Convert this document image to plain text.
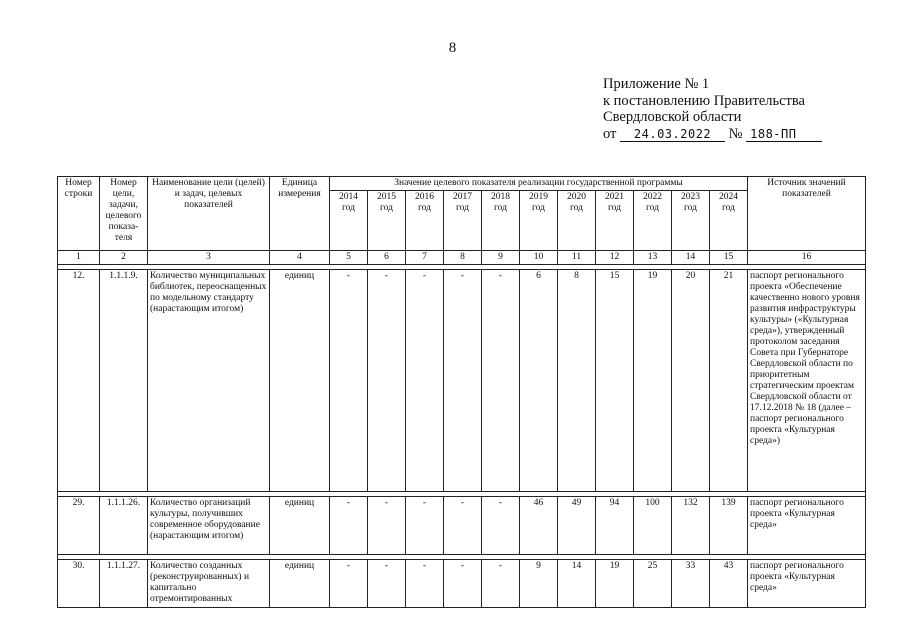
8
Приложение № 1
к постановлению Правительства
Свердловской области
от 24.03.2022 № 188-ПП
Номер строки	Номер цели, задачи, целевого показа-теля	Наименование цели (целей) и задач, целевых показателей	Единица измерения	Значение целевого показателя реализации государственной программы											Источник значений показателей
				2014 год	2015 год	2016 год	2017 год	2018 год	2019 год	2020 год	2021 год	2022 год	2023 год	2024 год	
1	2	3	4	5	6	7	8	9	10	11	12	13	14	15	16

12.	1.1.1.9.	Количество муниципальных библиотек, переоснащенных по модельному стандарту (нарастающим итогом)	единиц	-	-	-	-	-	6	8	15	19	20	21	паспорт регионального проекта «Обеспечение качественно нового уровня развития инфраструктуры культуры» («Культурная среда»), утвержденный протоколом заседания Совета при Губернаторе Свердловской области по приоритетным стратегическим проектам Свердловской области от 17.12.2018 № 18 (далее – паспорт регионального проекта «Культурная среда»)

29.	1.1.1.26.	Количество организаций культуры, получивших современное оборудование (нарастающим итогом)	единиц	-	-	-	-	-	46	49	94	100	132	139	паспорт регионального проекта «Культурная среда»

30.	1.1.1.27.	Количество созданных (реконструированных) и капитально отремонтированных	единиц	-	-	-	-	-	9	14	19	25	33	43	паспорт регионального проекта «Культурная среда»
